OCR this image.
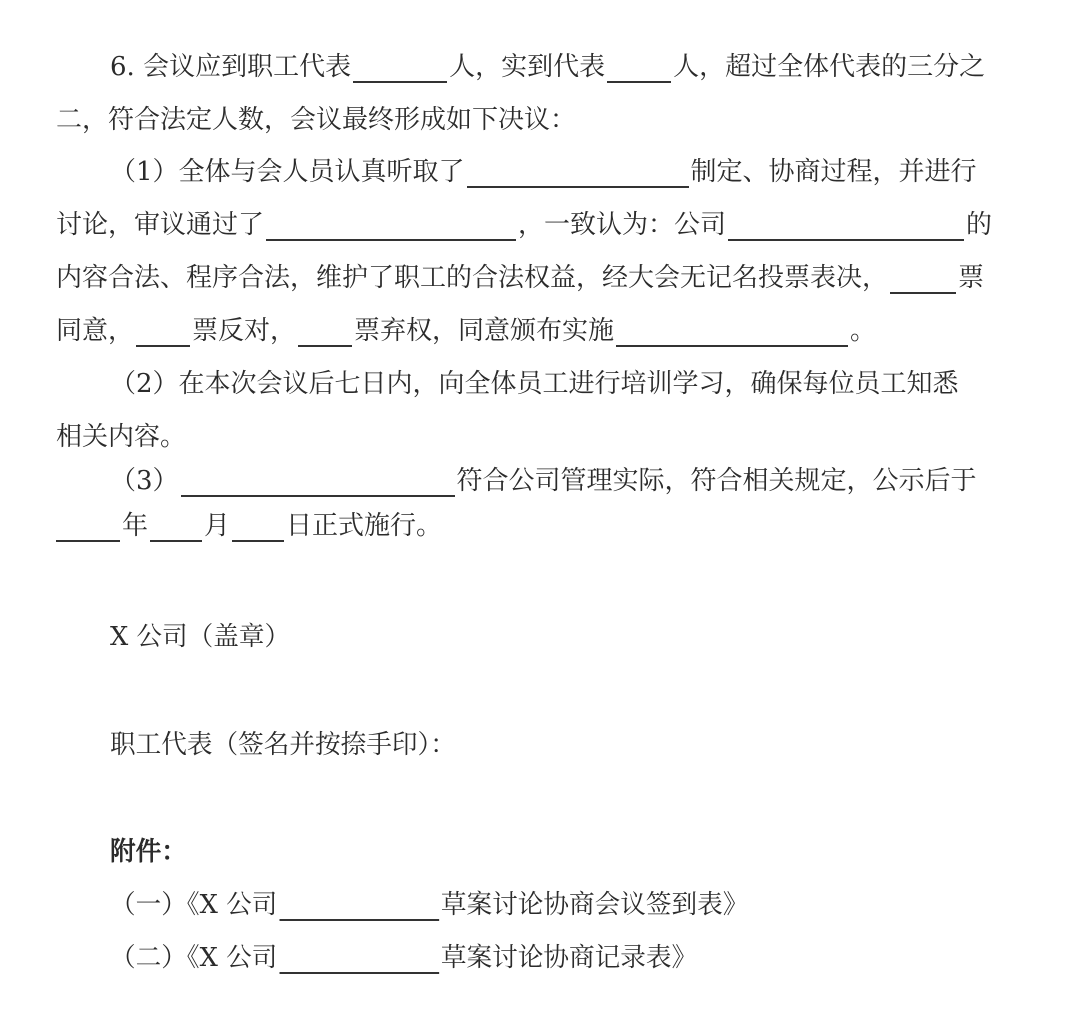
6. 会议应到职工代表	人，实到代表	人，超过全体代表的三分之
二，符合法定人数，会议最终形成如下决议：
（1）全体与会人员认真听取了	制定、协商过程，并进行
讨论，审议通过了	，一致认为：公司	的
内容合法、程序合法，维护了职工的合法权益，经大会无记名投票表决，	票
同意， 票反对， 票弃权，同意颁布实施	。
（2）在本次会议后七日内，向全体员工进行培训学习，确保每位员工知悉
相关内容。
（3）	符合公司管理实际，符合相关规定，公示后于
年 月 日正式施行。
X 公司（盖章）
职工代表（签名并按捺手印）：
附件：
（一）《X 公司	草案讨论协商会议签到表》
（二）《X 公司	草案讨论协商记录表》
